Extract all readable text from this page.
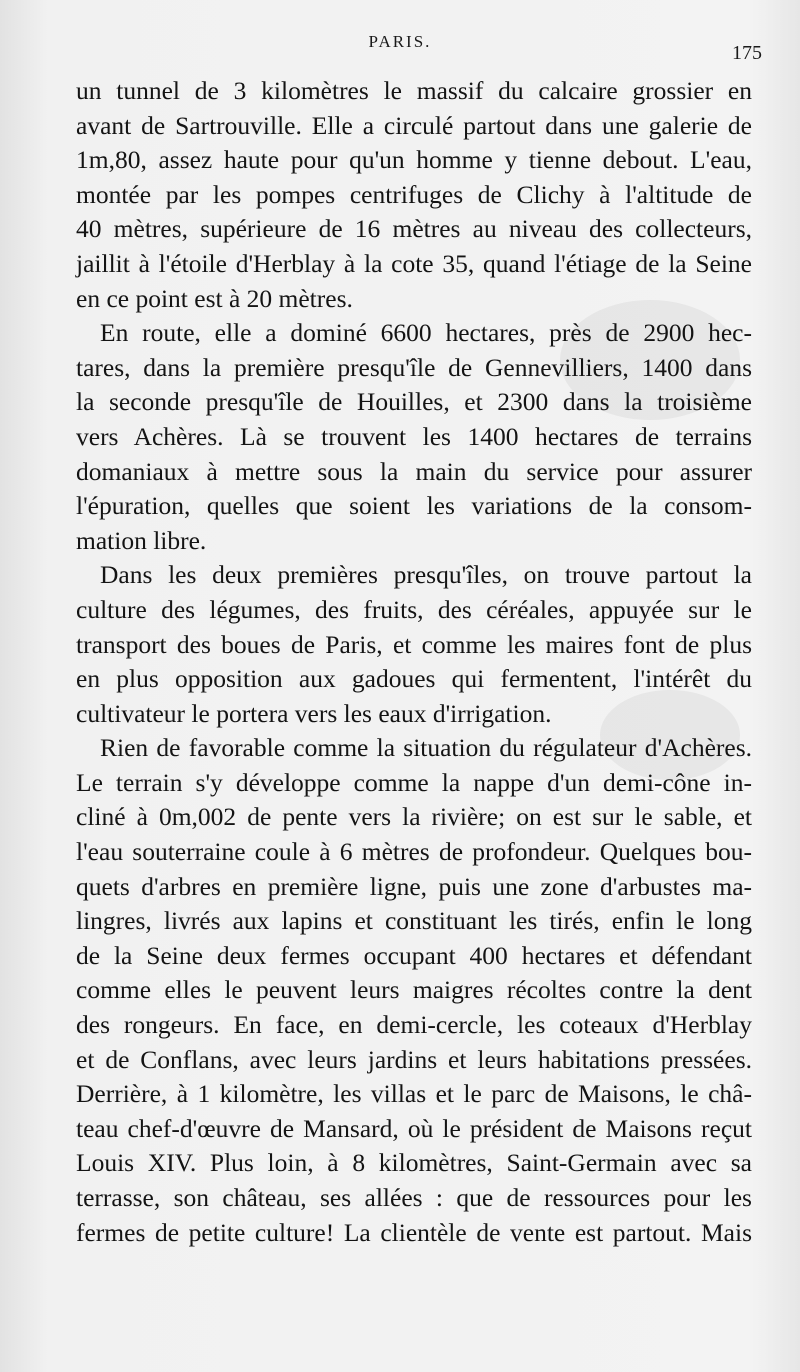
PARIS.
175
un tunnel de 3 kilomètres le massif du calcaire grossier en
avant de Sartrouville. Elle a circulé partout dans une galerie de
1m,80, assez haute pour qu'un homme y tienne debout. L'eau,
montée par les pompes centrifuges de Clichy à l'altitude de
40 mètres, supérieure de 16 mètres au niveau des collecteurs,
jaillit à l'étoile d'Herblay à la cote 35, quand l'étiage de la Seine
en ce point est à 20 mètres.
En route, elle a dominé 6600 hectares, près de 2900 hec-
tares, dans la première presqu'île de Gennevilliers, 1400 dans
la seconde presqu'île de Houilles, et 2300 dans la troisième
vers Achères. Là se trouvent les 1400 hectares de terrains
domaniaux à mettre sous la main du service pour assurer
l'épuration, quelles que soient les variations de la consom-
mation libre.
Dans les deux premières presqu'îles, on trouve partout la
culture des légumes, des fruits, des céréales, appuyée sur le
transport des boues de Paris, et comme les maires font de plus
en plus opposition aux gadoues qui fermentent, l'intérêt du
cultivateur le portera vers les eaux d'irrigation.
Rien de favorable comme la situation du régulateur d'Achères.
Le terrain s'y développe comme la nappe d'un demi-cône in-
cliné à 0m,002 de pente vers la rivière; on est sur le sable, et
l'eau souterraine coule à 6 mètres de profondeur. Quelques bou-
quets d'arbres en première ligne, puis une zone d'arbustes ma-
lingres, livrés aux lapins et constituant les tirés, enfin le long
de la Seine deux fermes occupant 400 hectares et défendant
comme elles le peuvent leurs maigres récoltes contre la dent
des rongeurs. En face, en demi-cercle, les coteaux d'Herblay
et de Conflans, avec leurs jardins et leurs habitations pressées.
Derrière, à 1 kilomètre, les villas et le parc de Maisons, le châ-
teau chef-d'œuvre de Mansard, où le président de Maisons reçut
Louis XIV. Plus loin, à 8 kilomètres, Saint-Germain avec sa
terrasse, son château, ses allées : que de ressources pour les
fermes de petite culture! La clientèle de vente est partout. Mais
